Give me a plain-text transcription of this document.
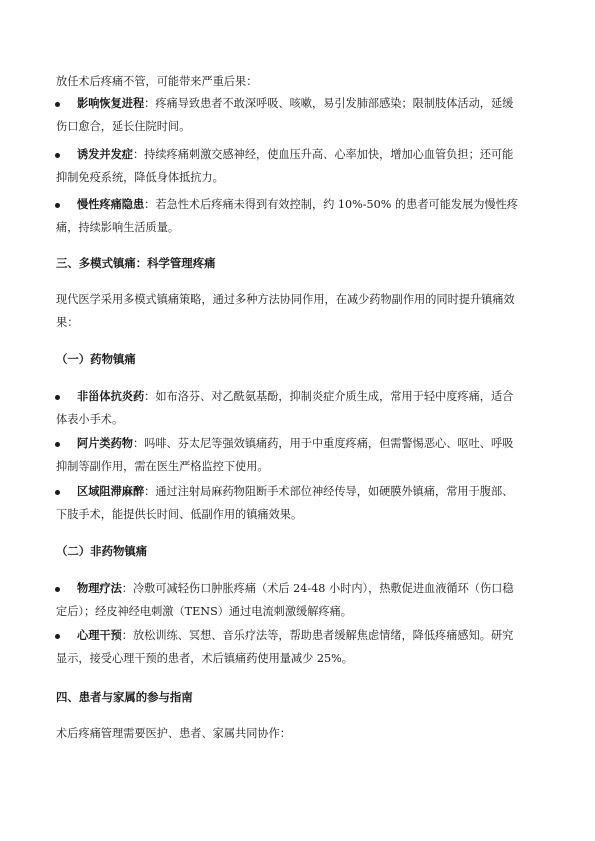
放任术后疼痛不管，可能带来严重后果：
影响恢复进程：疼痛导致患者不敢深呼吸、咳嗽，易引发肺部感染；限制肢体活动，延缓
伤口愈合，延长住院时间。
诱发并发症：持续疼痛刺激交感神经，使血压升高、心率加快，增加心血管负担；还可能
抑制免疫系统，降低身体抵抗力。
慢性疼痛隐患：若急性术后疼痛未得到有效控制，约 10%-50% 的患者可能发展为慢性疼
痛，持续影响生活质量。
三、多模式镇痛：科学管理疼痛
现代医学采用多模式镇痛策略，通过多种方法协同作用，在减少药物副作用的同时提升镇痛效
果：
（一）药物镇痛
非甾体抗炎药：如布洛芬、对乙酰氨基酚，抑制炎症介质生成，常用于轻中度疼痛，适合
体表小手术。
阿片类药物：吗啡、芬太尼等强效镇痛药，用于中重度疼痛，但需警惕恶心、呕吐、呼吸
抑制等副作用，需在医生严格监控下使用。
区域阻滞麻醉：通过注射局麻药物阻断手术部位神经传导，如硬膜外镇痛，常用于腹部、
下肢手术，能提供长时间、低副作用的镇痛效果。
（二）非药物镇痛
物理疗法：冷敷可减轻伤口肿胀疼痛（术后 24-48 小时内），热敷促进血液循环（伤口稳
定后）；经皮神经电刺激（TENS）通过电流刺激缓解疼痛。
心理干预：放松训练、冥想、音乐疗法等，帮助患者缓解焦虑情绪，降低疼痛感知。研究
显示，接受心理干预的患者，术后镇痛药使用量减少 25%。
四、患者与家属的参与指南
术后疼痛管理需要医护、患者、家属共同协作：
